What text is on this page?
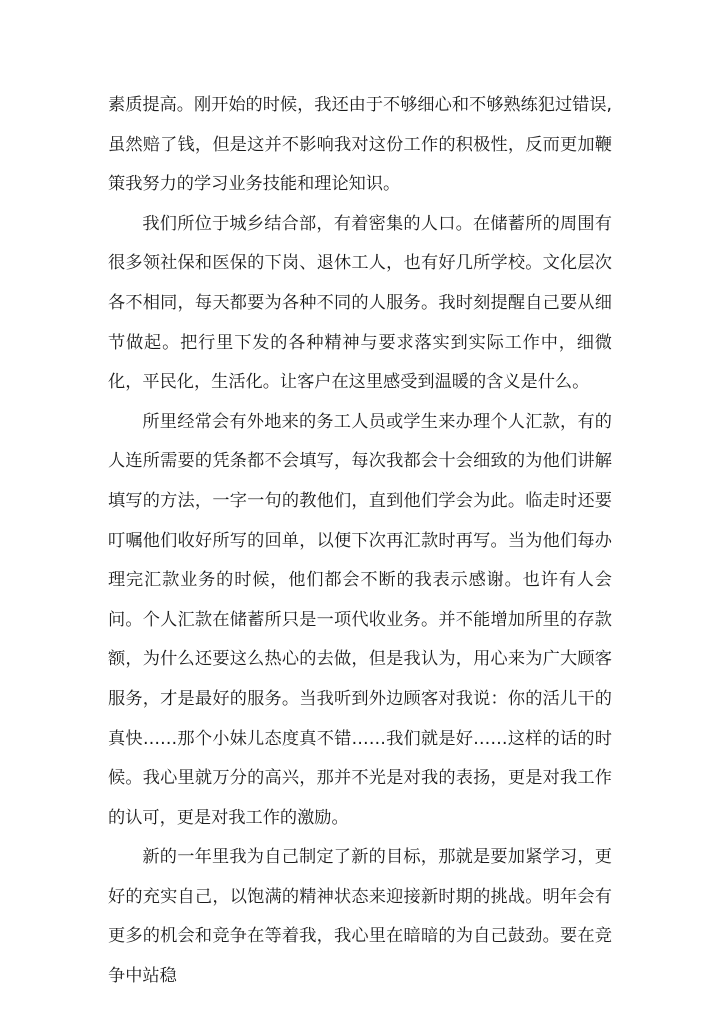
素质提高。刚开始的时候，我还由于不够细心和不够熟练犯过错误,虽然赔了钱，但是这并不影响我对这份工作的积极性，反而更加鞭策我努力的学习业务技能和理论知识。

我们所位于城乡结合部，有着密集的人口。在储蓄所的周围有很多领社保和医保的下岗、退休工人，也有好几所学校。文化层次各不相同，每天都要为各种不同的人服务。我时刻提醒自己要从细节做起。把行里下发的各种精神与要求落实到实际工作中，细微化，平民化，生活化。让客户在这里感受到温暖的含义是什么。

所里经常会有外地来的务工人员或学生来办理个人汇款，有的人连所需要的凭条都不会填写，每次我都会十会细致的为他们讲解填写的方法，一字一句的教他们，直到他们学会为此。临走时还要叮嘱他们收好所写的回单，以便下次再汇款时再写。当为他们每办理完汇款业务的时候，他们都会不断的我表示感谢。也许有人会问。个人汇款在储蓄所只是一项代收业务。并不能增加所里的存款额，为什么还要这么热心的去做，但是我认为，用心来为广大顾客服务，才是最好的服务。当我听到外边顾客对我说：你的活儿干的真快……那个小妹儿态度真不错……我们就是好……这样的话的时候。我心里就万分的高兴，那并不光是对我的表扬，更是对我工作的认可，更是对我工作的激励。

新的一年里我为自己制定了新的目标，那就是要加紧学习，更好的充实自己，以饱满的精神状态来迎接新时期的挑战。明年会有更多的机会和竞争在等着我，我心里在暗暗的为自己鼓劲。要在竞争中站稳
